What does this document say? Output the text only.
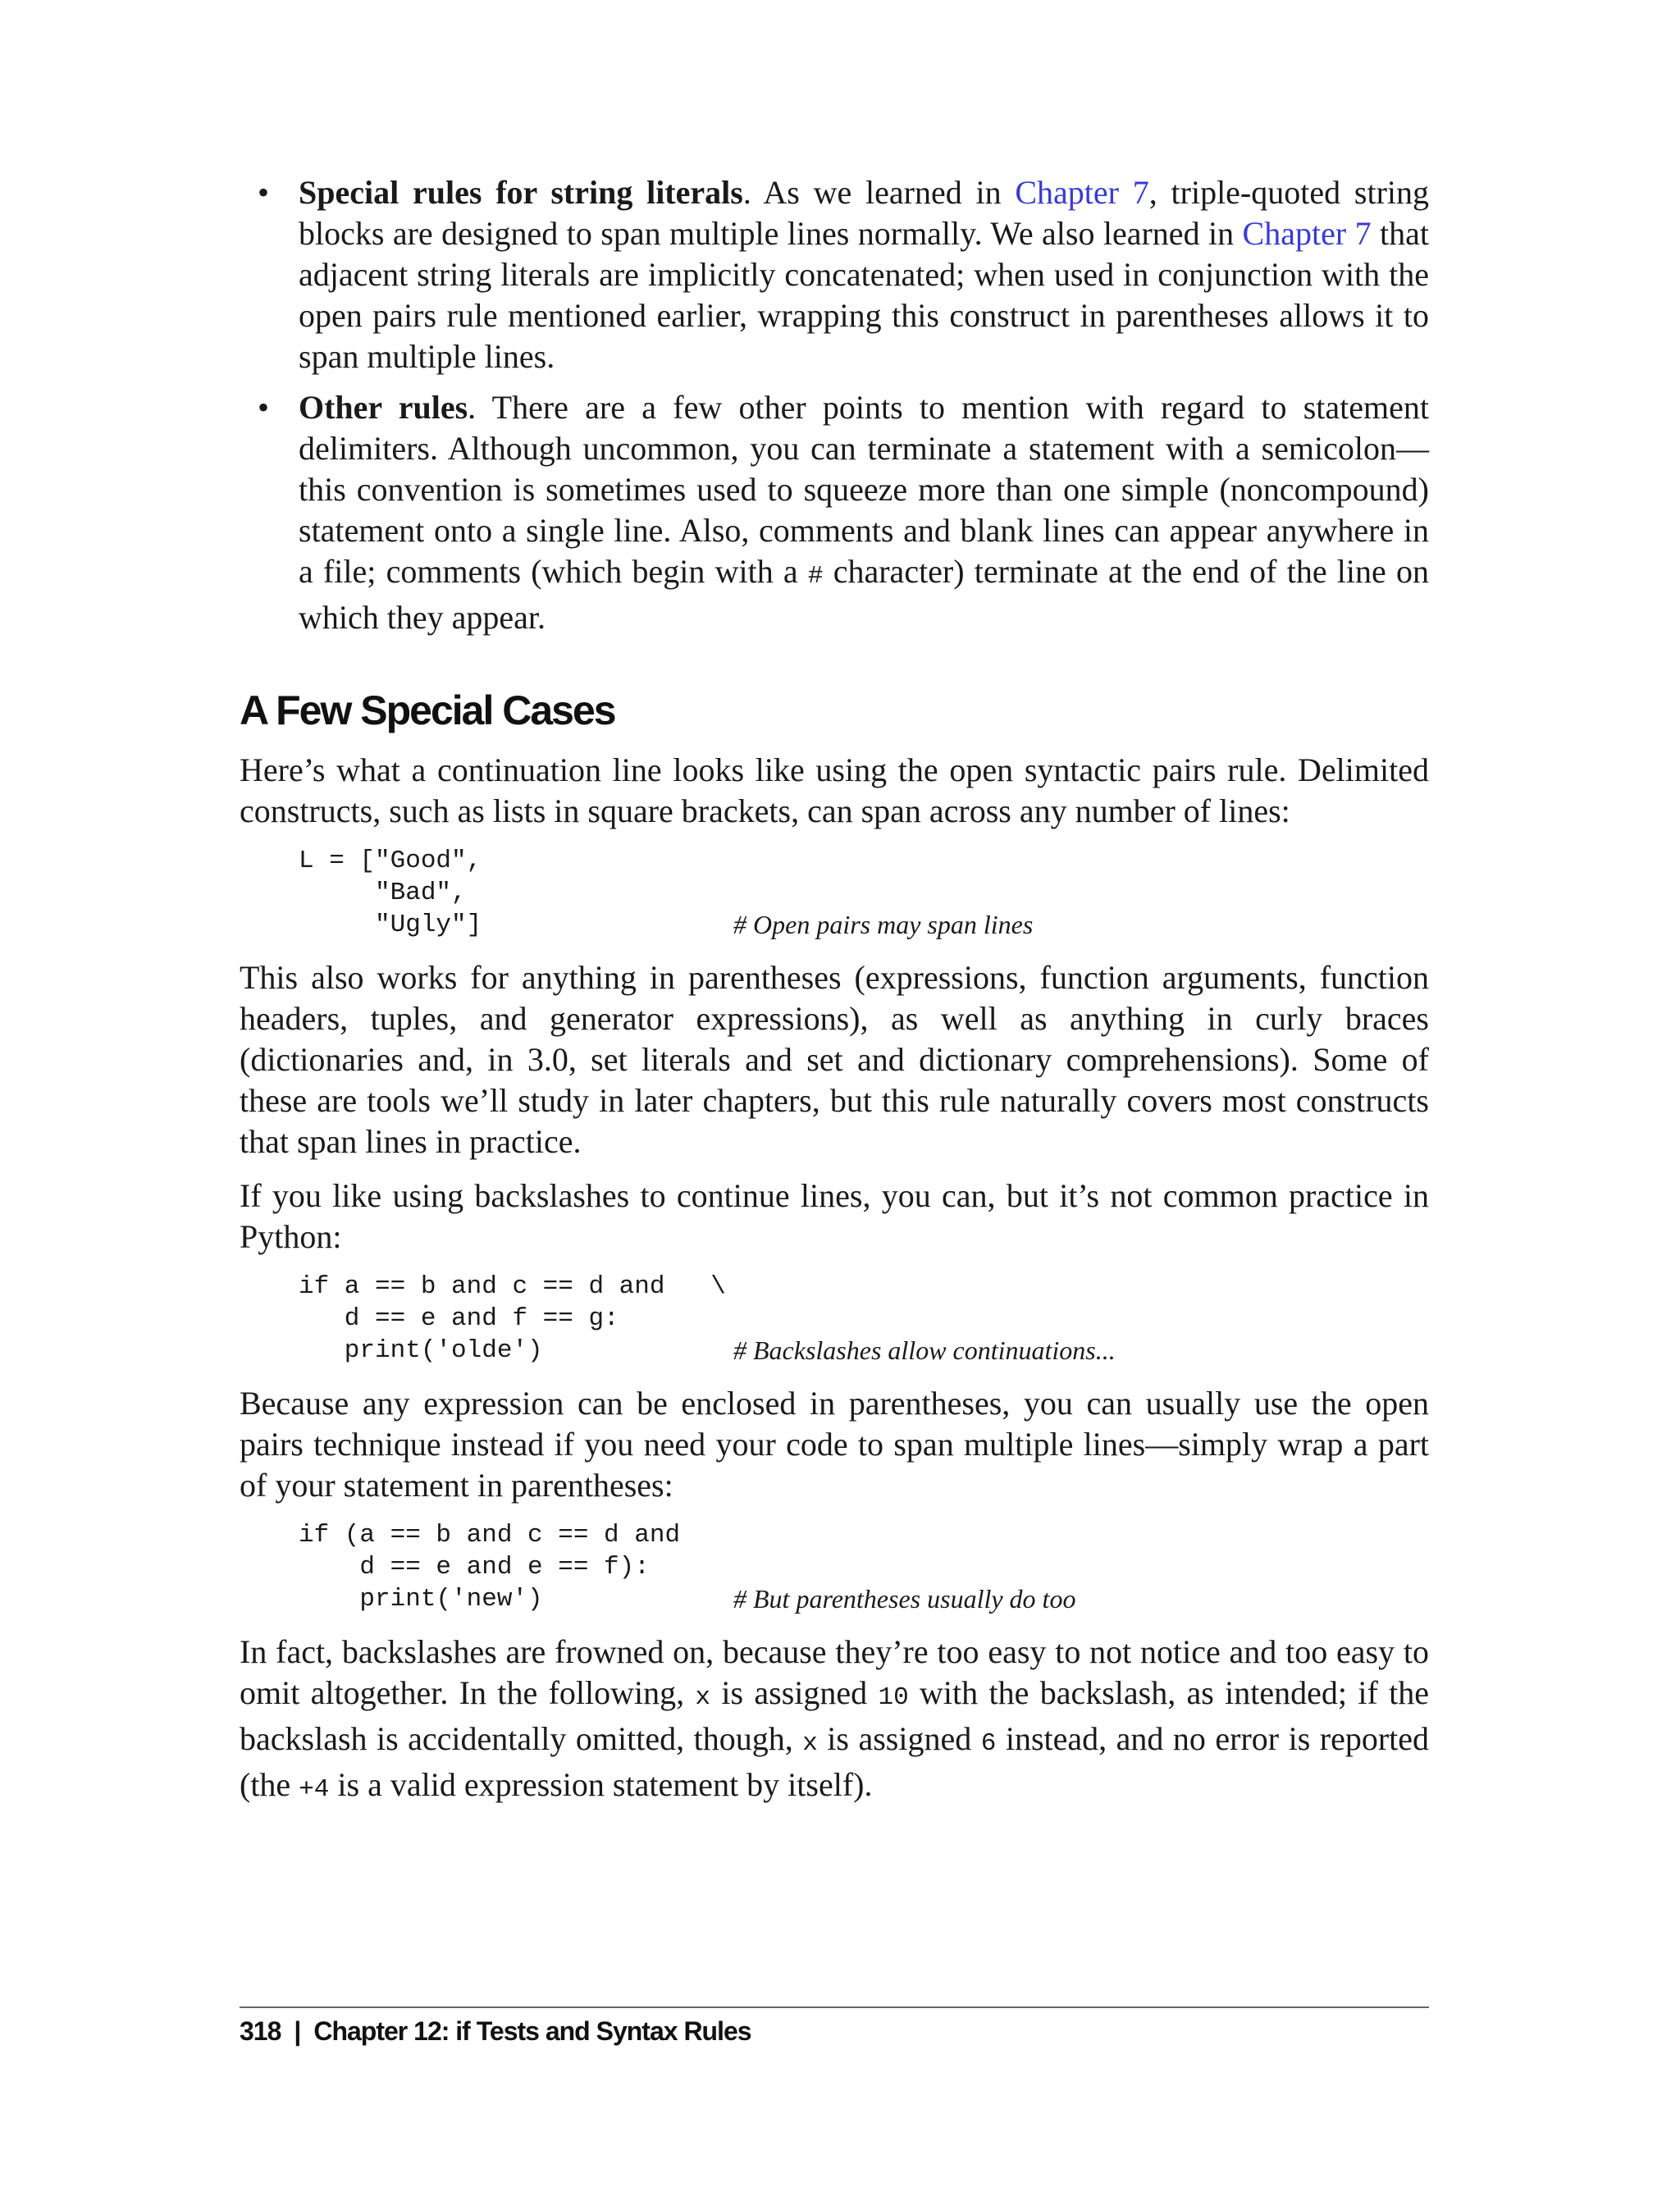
• Special rules for string literals. As we learned in Chapter 7, triple-quoted string blocks are designed to span multiple lines normally. We also learned in Chapter 7 that adjacent string literals are implicitly concatenated; when used in conjunction with the open pairs rule mentioned earlier, wrapping this construct in parentheses allows it to span multiple lines.
• Other rules. There are a few other points to mention with regard to statement delimiters. Although uncommon, you can terminate a statement with a semicolon—this convention is sometimes used to squeeze more than one simple (noncompound) statement onto a single line. Also, comments and blank lines can appear anywhere in a file; comments (which begin with a # character) terminate at the end of the line on which they appear.
A Few Special Cases

Here’s what a continuation line looks like using the open syntactic pairs rule. Delimited constructs, such as lists in square brackets, can span across any number of lines:

L = ["Good",
"Bad",
"Ugly"]	# Open pairs may span lines

This also works for anything in parentheses (expressions, function arguments, function headers, tuples, and generator expressions), as well as anything in curly braces (dictionaries and, in 3.0, set literals and set and dictionary comprehensions). Some of these are tools we’ll study in later chapters, but this rule naturally covers most constructs that span lines in practice.

If you like using backslashes to continue lines, you can, but it’s not common practice in Python:

if a == b and c == d and   \
d == e and f == g:
print('olde')	# Backslashes allow continuations...

Because any expression can be enclosed in parentheses, you can usually use the open pairs technique instead if you need your code to span multiple lines—simply wrap a part of your statement in parentheses:

if (a == b and c == d and
d == e and e == f):
print('new')	# But parentheses usually do too

In fact, backslashes are frowned on, because they’re too easy to not notice and too easy to omit altogether. In the following, x is assigned 10 with the backslash, as intended; if the backslash is accidentally omitted, though, x is assigned 6 instead, and no error is reported (the +4 is a valid expression statement by itself).

318 | Chapter 12: if Tests and Syntax Rules
